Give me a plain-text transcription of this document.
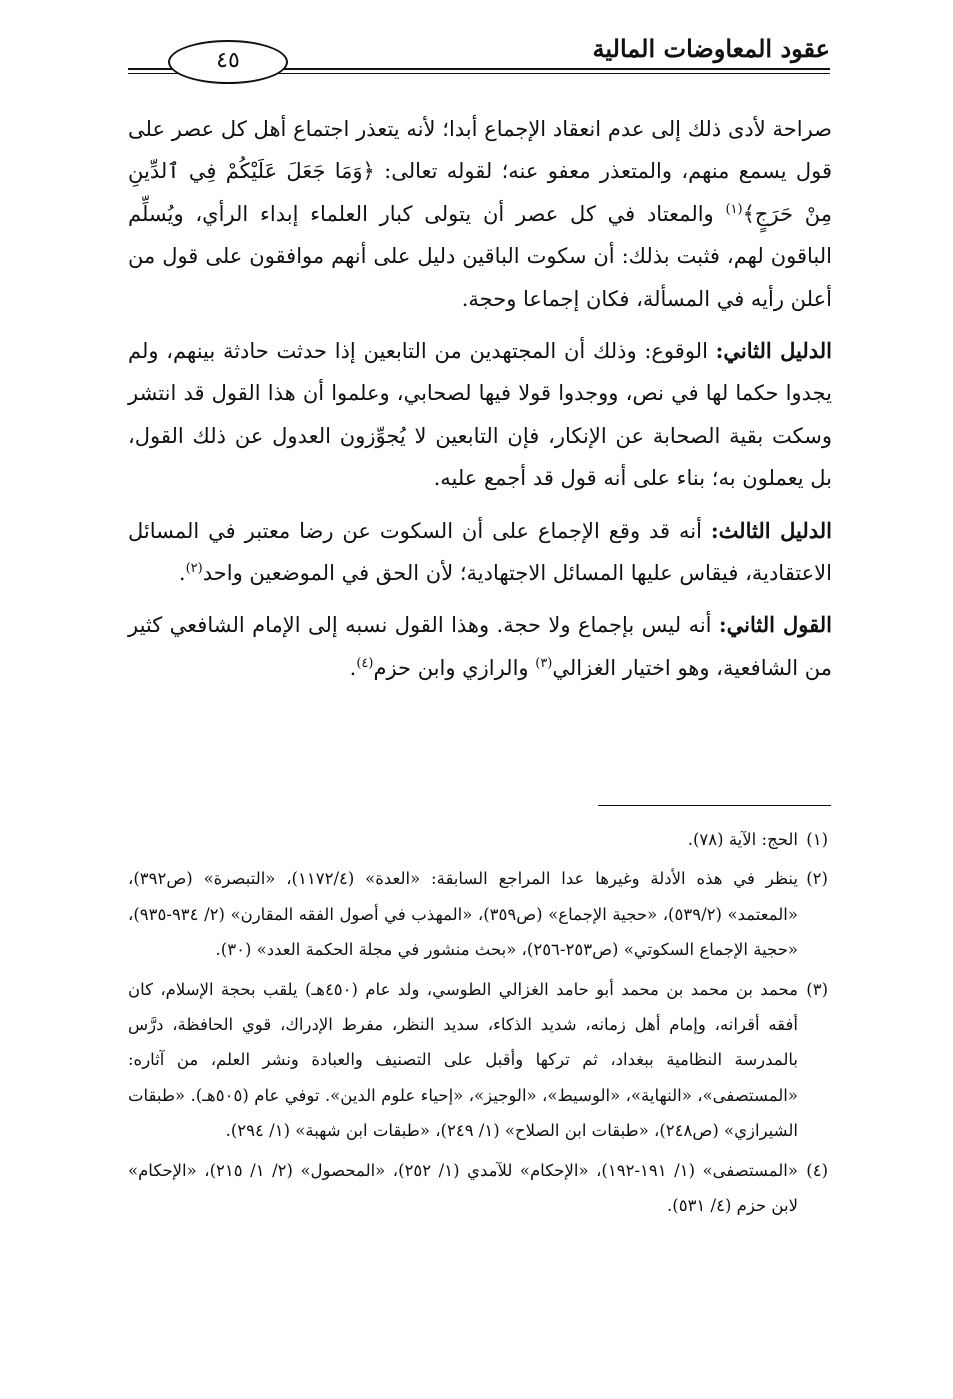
عقود المعاوضات المالية
٤٥

صراحة لأدى ذلك إلى عدم انعقاد الإجماع أبدا؛ لأنه يتعذر اجتماع أهل كل عصر على قول يسمع منهم، والمتعذر معفو عنه؛ لقوله تعالى: ﴿وَمَا جَعَلَ عَلَيْكُمْ فِي ٱلدِّينِ مِنْ حَرَجٍ﴾$^{(١)}$ والمعتاد في كل عصر أن يتولى كبار العلماء إبداء الرأي، ويُسلِّم الباقون لهم، فثبت بذلك: أن سكوت الباقين دليل على أنهم موافقون على قول من أعلن رأيه في المسألة، فكان إجماعا وحجة.

الدليل الثاني: الوقوع: وذلك أن المجتهدين من التابعين إذا حدثت حادثة بينهم، ولم يجدوا حكما لها في نص، ووجدوا قولا فيها لصحابي، وعلموا أن هذا القول قد انتشر وسكت بقية الصحابة عن الإنكار، فإن التابعين لا يُجوِّزون العدول عن ذلك القول، بل يعملون به؛ بناء على أنه قول قد أجمع عليه.

الدليل الثالث: أنه قد وقع الإجماع على أن السكوت عن رضا معتبر في المسائل الاعتقادية، فيقاس عليها المسائل الاجتهادية؛ لأن الحق في الموضعين واحد$^{(٢)}$.

القول الثاني: أنه ليس بإجماع ولا حجة. وهذا القول نسبه إلى الإمام الشافعي كثير من الشافعية، وهو اختيار الغزالي$^{(٣)}$ والرازي وابن حزم$^{(٤)}$.

(١)الحج: الآية (٧٨).

(٢)ينظر في هذه الأدلة وغيرها عدا المراجع السابقة: «العدة» (١١٧٢/٤)، «التبصرة» (ص٣٩٢)، «المعتمد» (٥٣٩/٢)، «حجية الإجماع» (ص٣٥٩)، «المهذب في أصول الفقه المقارن» (٢/ ٩٣٤-٩٣٥)، «حجية الإجماع السكوتي» (ص٢٥٣-٢٥٦)، «بحث منشور في مجلة الحكمة العدد» (٣٠).

(٣)محمد بن محمد بن محمد أبو حامد الغزالي الطوسي، ولد عام (٤٥٠هـ) يلقب بحجة الإسلام، كان أفقه أقرانه، وإمام أهل زمانه، شديد الذكاء، سديد النظر، مفرط الإدراك، قوي الحافظة، درَّس بالمدرسة النظامية ببغداد، ثم تركها وأقبل على التصنيف والعبادة ونشر العلم، من آثاره: «المستصفى»، «النهاية»، «الوسيط»، «الوجيز»، «إحياء علوم الدين». توفي عام (٥٠٥هـ). «طبقات الشيرازي» (ص٢٤٨)، «طبقات ابن الصلاح» (١/ ٢٤٩)، «طبقات ابن شهبة» (١/ ٢٩٤).

(٤)«المستصفى» (١/ ١٩١-١٩٢)، «الإحكام» للآمدي (١/ ٢٥٢)، «المحصول» (٢/ ١/ ٢١٥)، «الإحكام» لابن حزم (٤/ ٥٣١).
